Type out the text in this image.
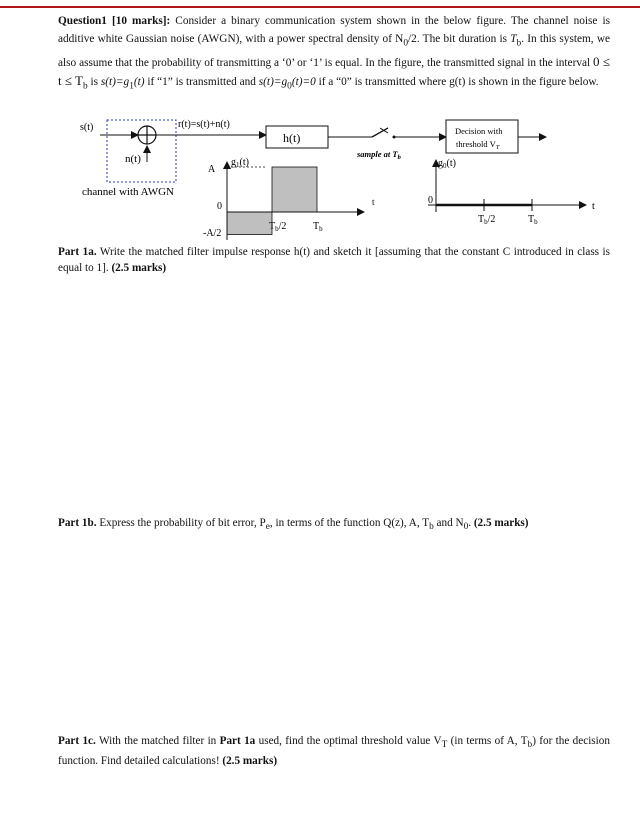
Question1 [10 marks]: Consider a binary communication system shown in the below figure. The channel noise is additive white Gaussian noise (AWGN), with a power spectral density of $N_0/2$. The bit duration is $T_b$. In this system, we also assume that the probability of transmitting a ‘0’ or ‘1’ is equal. In the figure, the transmitted signal in the interval $0 \le t \le T_b$ is $s(t)=g_1(t)$ if “1” is transmitted and $s(t)=g_0(t)=0$ if a “0” is transmitted where g(t) is shown in the figure below.

s(t)
n(t)
channel with AWGN
r(t)=s(t)+n(t)
h(t)
sample at $T_b$
Decision with
threshold $V_T$
$g_1(t)$
A
0
-A/2
$T_b/2$	$T_b$
t
$g_0(t)$
0
$T_b/2$	$T_b$
t

Part 1a. Write the matched filter impulse response h(t) and sketch it [assuming that the constant C introduced in class is equal to 1]. (2.5 marks)

Part 1b. Express the probability of bit error, $P_e$, in terms of the function Q(z), A, $T_b$ and $N_0$. (2.5 marks)

Part 1c. With the matched filter in Part 1a used, find the optimal threshold value $V_T$ (in terms of A, $T_b$) for the decision function. Find detailed calculations! (2.5 marks)
